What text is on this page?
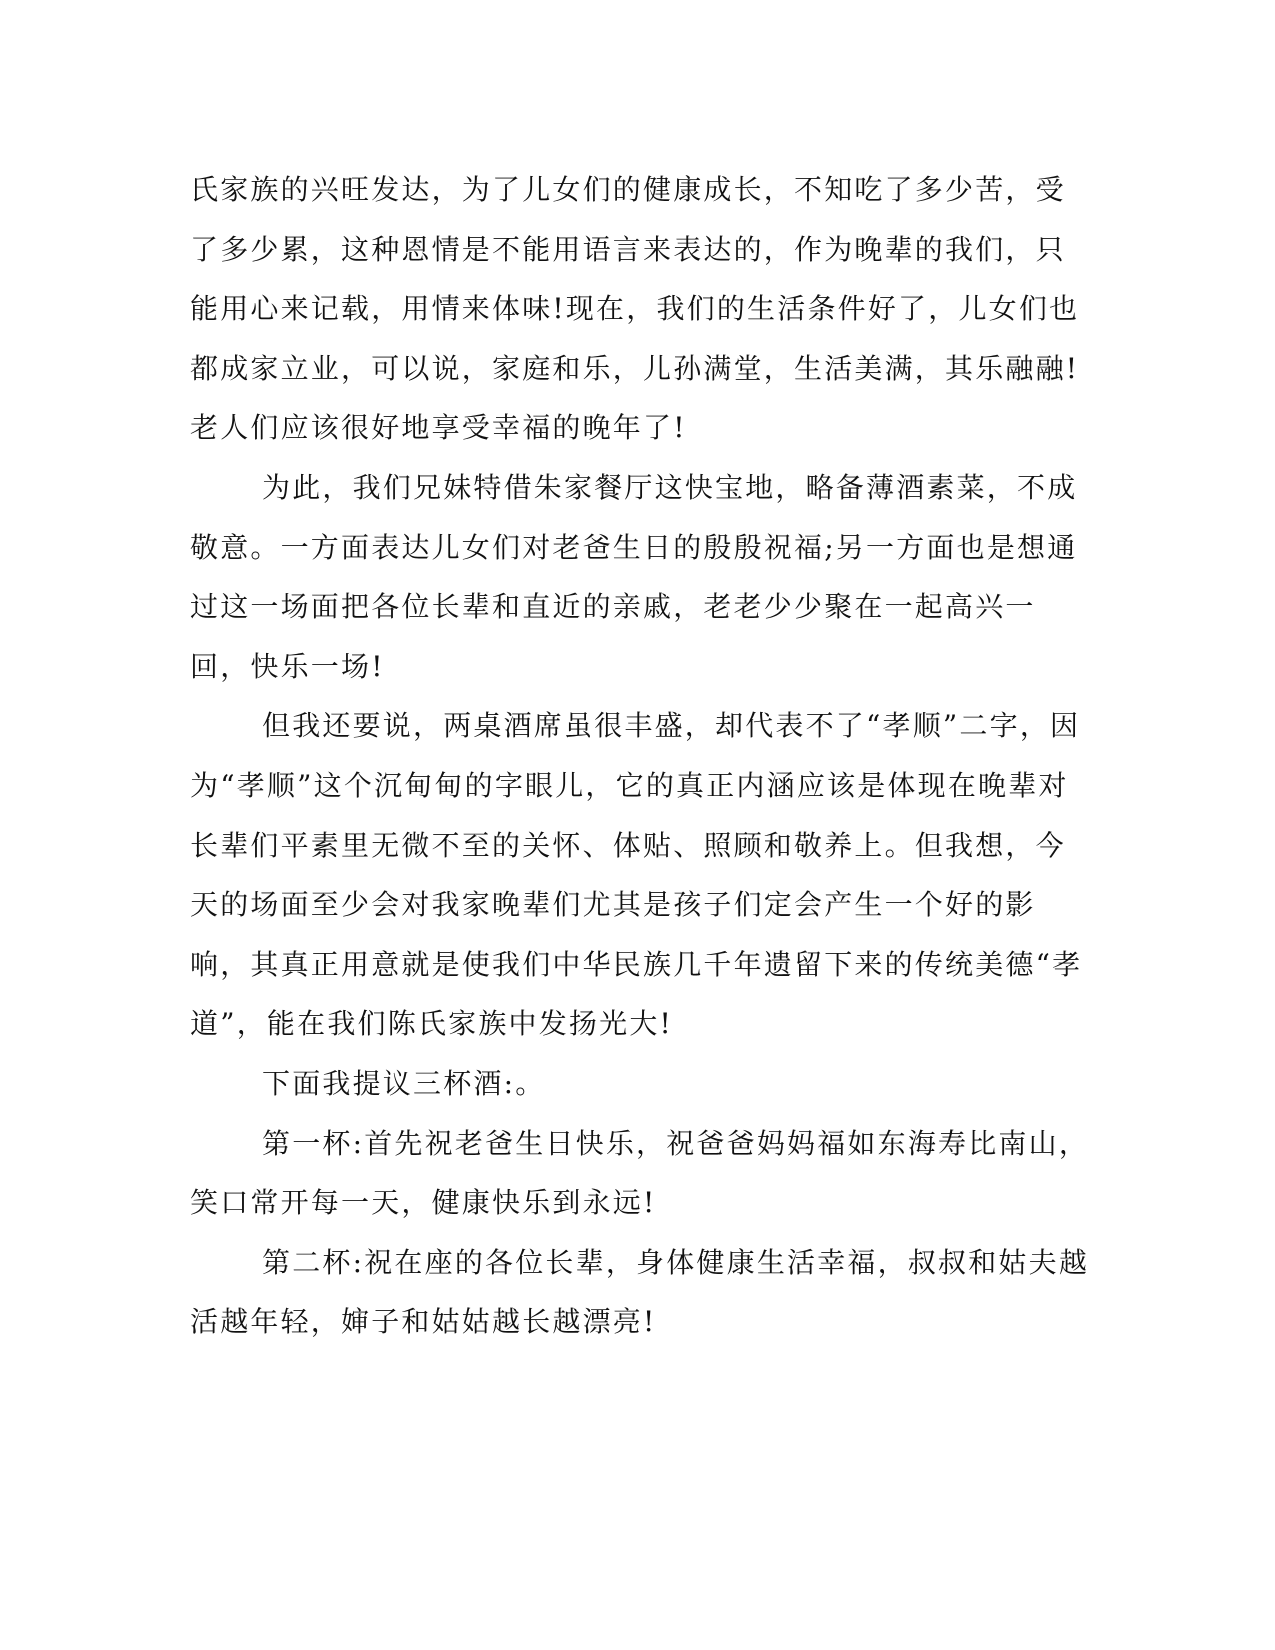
氏家族的兴旺发达，为了儿女们的健康成长，不知吃了多少苦，受了多少累，这种恩情是不能用语言来表达的，作为晚辈的我们，只能用心来记载，用情来体味!现在，我们的生活条件好了，儿女们也都成家立业，可以说，家庭和乐，儿孙满堂，生活美满，其乐融融!老人们应该很好地享受幸福的晚年了!

为此，我们兄妹特借朱家餐厅这快宝地，略备薄酒素菜，不成敬意。一方面表达儿女们对老爸生日的殷殷祝福;另一方面也是想通过这一场面把各位长辈和直近的亲戚，老老少少聚在一起高兴一回，快乐一场!

但我还要说，两桌酒席虽很丰盛，却代表不了“孝顺”二字，因为“孝顺”这个沉甸甸的字眼儿，它的真正内涵应该是体现在晚辈对长辈们平素里无微不至的关怀、体贴、照顾和敬养上。但我想，今天的场面至少会对我家晚辈们尤其是孩子们定会产生一个好的影响，其真正用意就是使我们中华民族几千年遗留下来的传统美德“孝道”，能在我们陈氏家族中发扬光大!

下面我提议三杯酒:。

第一杯:首先祝老爸生日快乐，祝爸爸妈妈福如东海寿比南山，笑口常开每一天，健康快乐到永远!

第二杯:祝在座的各位长辈，身体健康生活幸福，叔叔和姑夫越活越年轻，婶子和姑姑越长越漂亮!
